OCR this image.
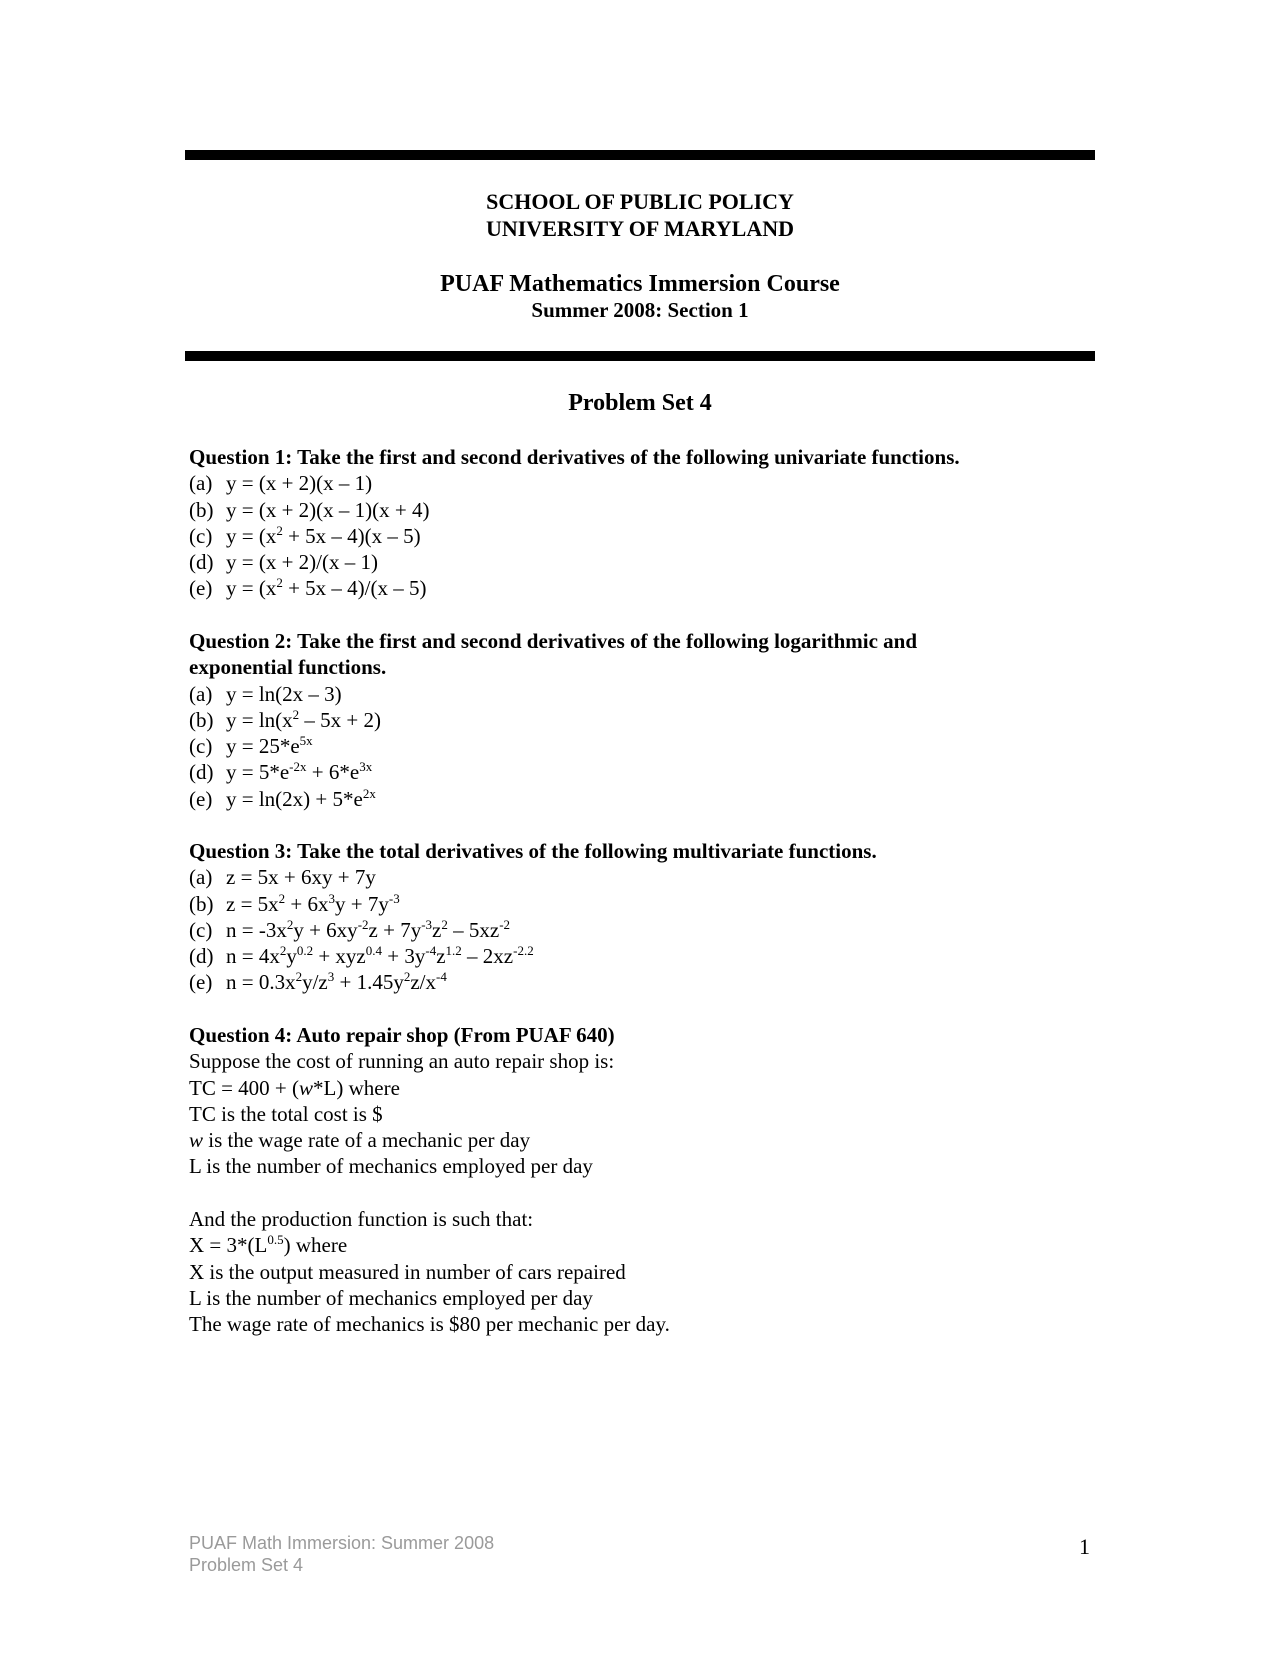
SCHOOL OF PUBLIC POLICY
UNIVERSITY OF MARYLAND
PUAF Mathematics Immersion Course
Summer 2008: Section 1
Problem Set 4
Question 1: Take the first and second derivatives of the following univariate functions.
(a) y = (x + 2)(x – 1)
(b) y = (x + 2)(x – 1)(x + 4)
(c) $y = (x^2 + 5x - 4)(x - 5)$
(d) y = (x + 2)/(x – 1)
(e) $y = (x^2 + 5x - 4)/(x - 5)$
Question 2: Take the first and second derivatives of the following logarithmic and
exponential functions.
(a) y = ln(2x – 3)
(b) $y = \ln(x^2 - 5x + 2)$
(c) $y = 25*e^{5x}$
(d) $y = 5*e^{-2x} + 6*e^{3x}$
(e) $y = \ln(2x) + 5*e^{2x}$
Question 3: Take the total derivatives of the following multivariate functions.
(a) z = 5x + 6xy + 7y
(b) $z = 5x^2 + 6x^3y + 7y^{-3}$
(c) $n = -3x^2y + 6xy^{-2}z + 7y^{-3}z^2 - 5xz^{-2}$
(d) $n = 4x^2y^{0.2} + xyz^{0.4} + 3y^{-4}z^{1.2} - 2xz^{-2.2}$
(e) $n = 0.3x^2y/z^3 + 1.45y^2z/x^{-4}$
Question 4: Auto repair shop (From PUAF 640)
Suppose the cost of running an auto repair shop is:
TC = 400 + (w*L) where
TC is the total cost is $
w is the wage rate of a mechanic per day
L is the number of mechanics employed per day
And the production function is such that:
$X = 3*(L^{0.5})$ where
X is the output measured in number of cars repaired
L is the number of mechanics employed per day
The wage rate of mechanics is $80 per mechanic per day.
PUAF Math Immersion: Summer 2008
Problem Set 4
1
